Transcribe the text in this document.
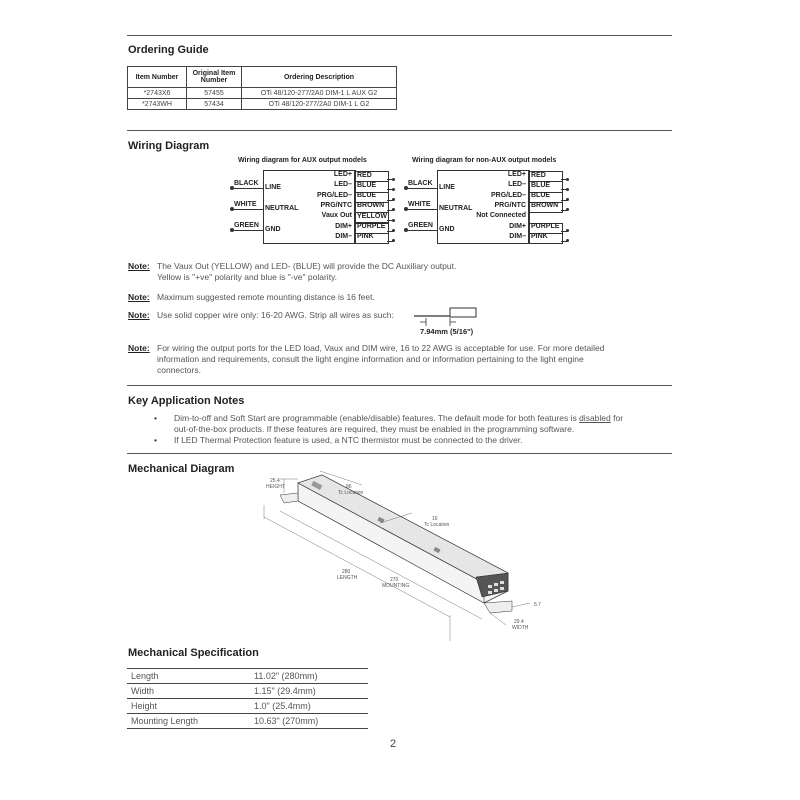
Ordering Guide
Item Number	Original Item Number	Ordering Description
*2743X6	57455	OTi 48/120-277/2A0 DIM-1 L AUX G2
*2743WH	57434	OTi 48/120-277/2A0 DIM-1 L G2
Wiring Diagram
Wiring diagram for AUX output models
BLACK
LINE
WHITE
NEUTRAL
GREEN
GND
LED+ RED
LED– BLUE
PRG/LED– BLUE
PRG/NTC BROWN
Vaux Out YELLOW
DIM+ PURPLE
DIM– PINK
Wiring diagram for non-AUX output models
BLACK
LINE
WHITE
NEUTRAL
GREEN
GND
LED+ RED
LED– BLUE
PRG/LED– BLUE
PRG/NTC BROWN
Not Connected
DIM+ PURPLE
DIM– PINK
Note: The Vaux Out (YELLOW) and LED- (BLUE) will provide the DC Auxiliary output.
Yellow is "+ve" polarity and blue is "-ve" polarity.
Note: Maximum suggested remote mounting distance is 16 feet.
Note: Use solid copper wire only: 16-20 AWG. Strip all wires as such:
7.94mm (5/16")
Note: For wiring the output ports for the LED load, Vaux and DIM wire, 16 to 22 AWG is acceptable for use. For more detailed
information and requirements, consult the light engine information and or information pertaining to the light engine
connectors.
Key Application Notes
• Dim-to-off and Soft Start are programmable (enable/disable) features. The default mode for both features is disabled for
out-of-the-box products. If these features are required, they must be enabled in the programming software.
• If LED Thermal Protection feature is used, a NTC thermistor must be connected to the driver.
Mechanical Diagram
25.4
HEIGHT	86
Tc Location
16
Tc Location
280
LENGTH	270
MOUNTING
29.4
WIDTH
5.7
Mechanical Specification
Length	11.02" (280mm)
Width	1.15" (29.4mm)
Height	1.0" (25.4mm)
Mounting Length	10.63" (270mm)
2
